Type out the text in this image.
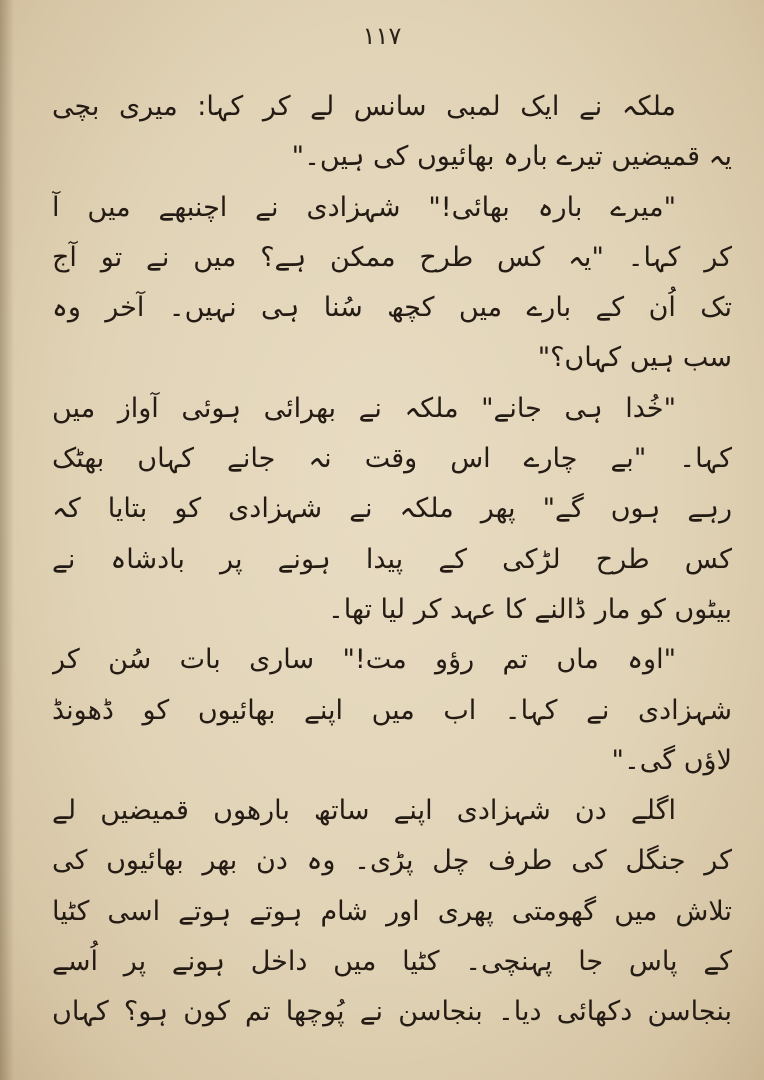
۱۱۷
ملکہ نے ایک لمبی سانس لے کر کہا: میری بچی
یہ قمیضیں تیرے بارہ بھائیوں کی ہیں۔"
"میرے بارہ بھائی!" شہزادی نے اچنبھے میں آ
کر کہا۔ "یہ کس طرح ممکن ہے؟ میں نے تو آج
تک اُن کے بارے میں کچھ سُنا ہی نہیں۔ آخر وہ
سب ہیں کہاں؟"
"خُدا ہی جانے" ملکہ نے بھرائی ہوئی آواز میں
کہا۔ "بے چارے اس وقت نہ جانے کہاں بھٹک
رہے ہوں گے" پھر ملکہ نے شہزادی کو بتایا کہ
کس طرح لڑکی کے پیدا ہونے پر بادشاہ نے
بیٹوں کو مار ڈالنے کا عہد کر لیا تھا۔
"اوہ ماں تم رؤو مت!" ساری بات سُن کر
شہزادی نے کہا۔ اب میں اپنے بھائیوں کو ڈھونڈ
لاؤں گی۔"
اگلے دن شہزادی اپنے ساتھ بارھوں قمیضیں لے
کر جنگل کی طرف چل پڑی۔ وہ دن بھر بھائیوں کی
تلاش میں گھومتی پھری اور شام ہوتے ہوتے اسی کٹیا
کے پاس جا پہنچی۔ کٹیا میں داخل ہونے پر اُسے
بنجاسن دکھائی دیا۔ بنجاسن نے پُوچھا تم کون ہو؟ کہاں
